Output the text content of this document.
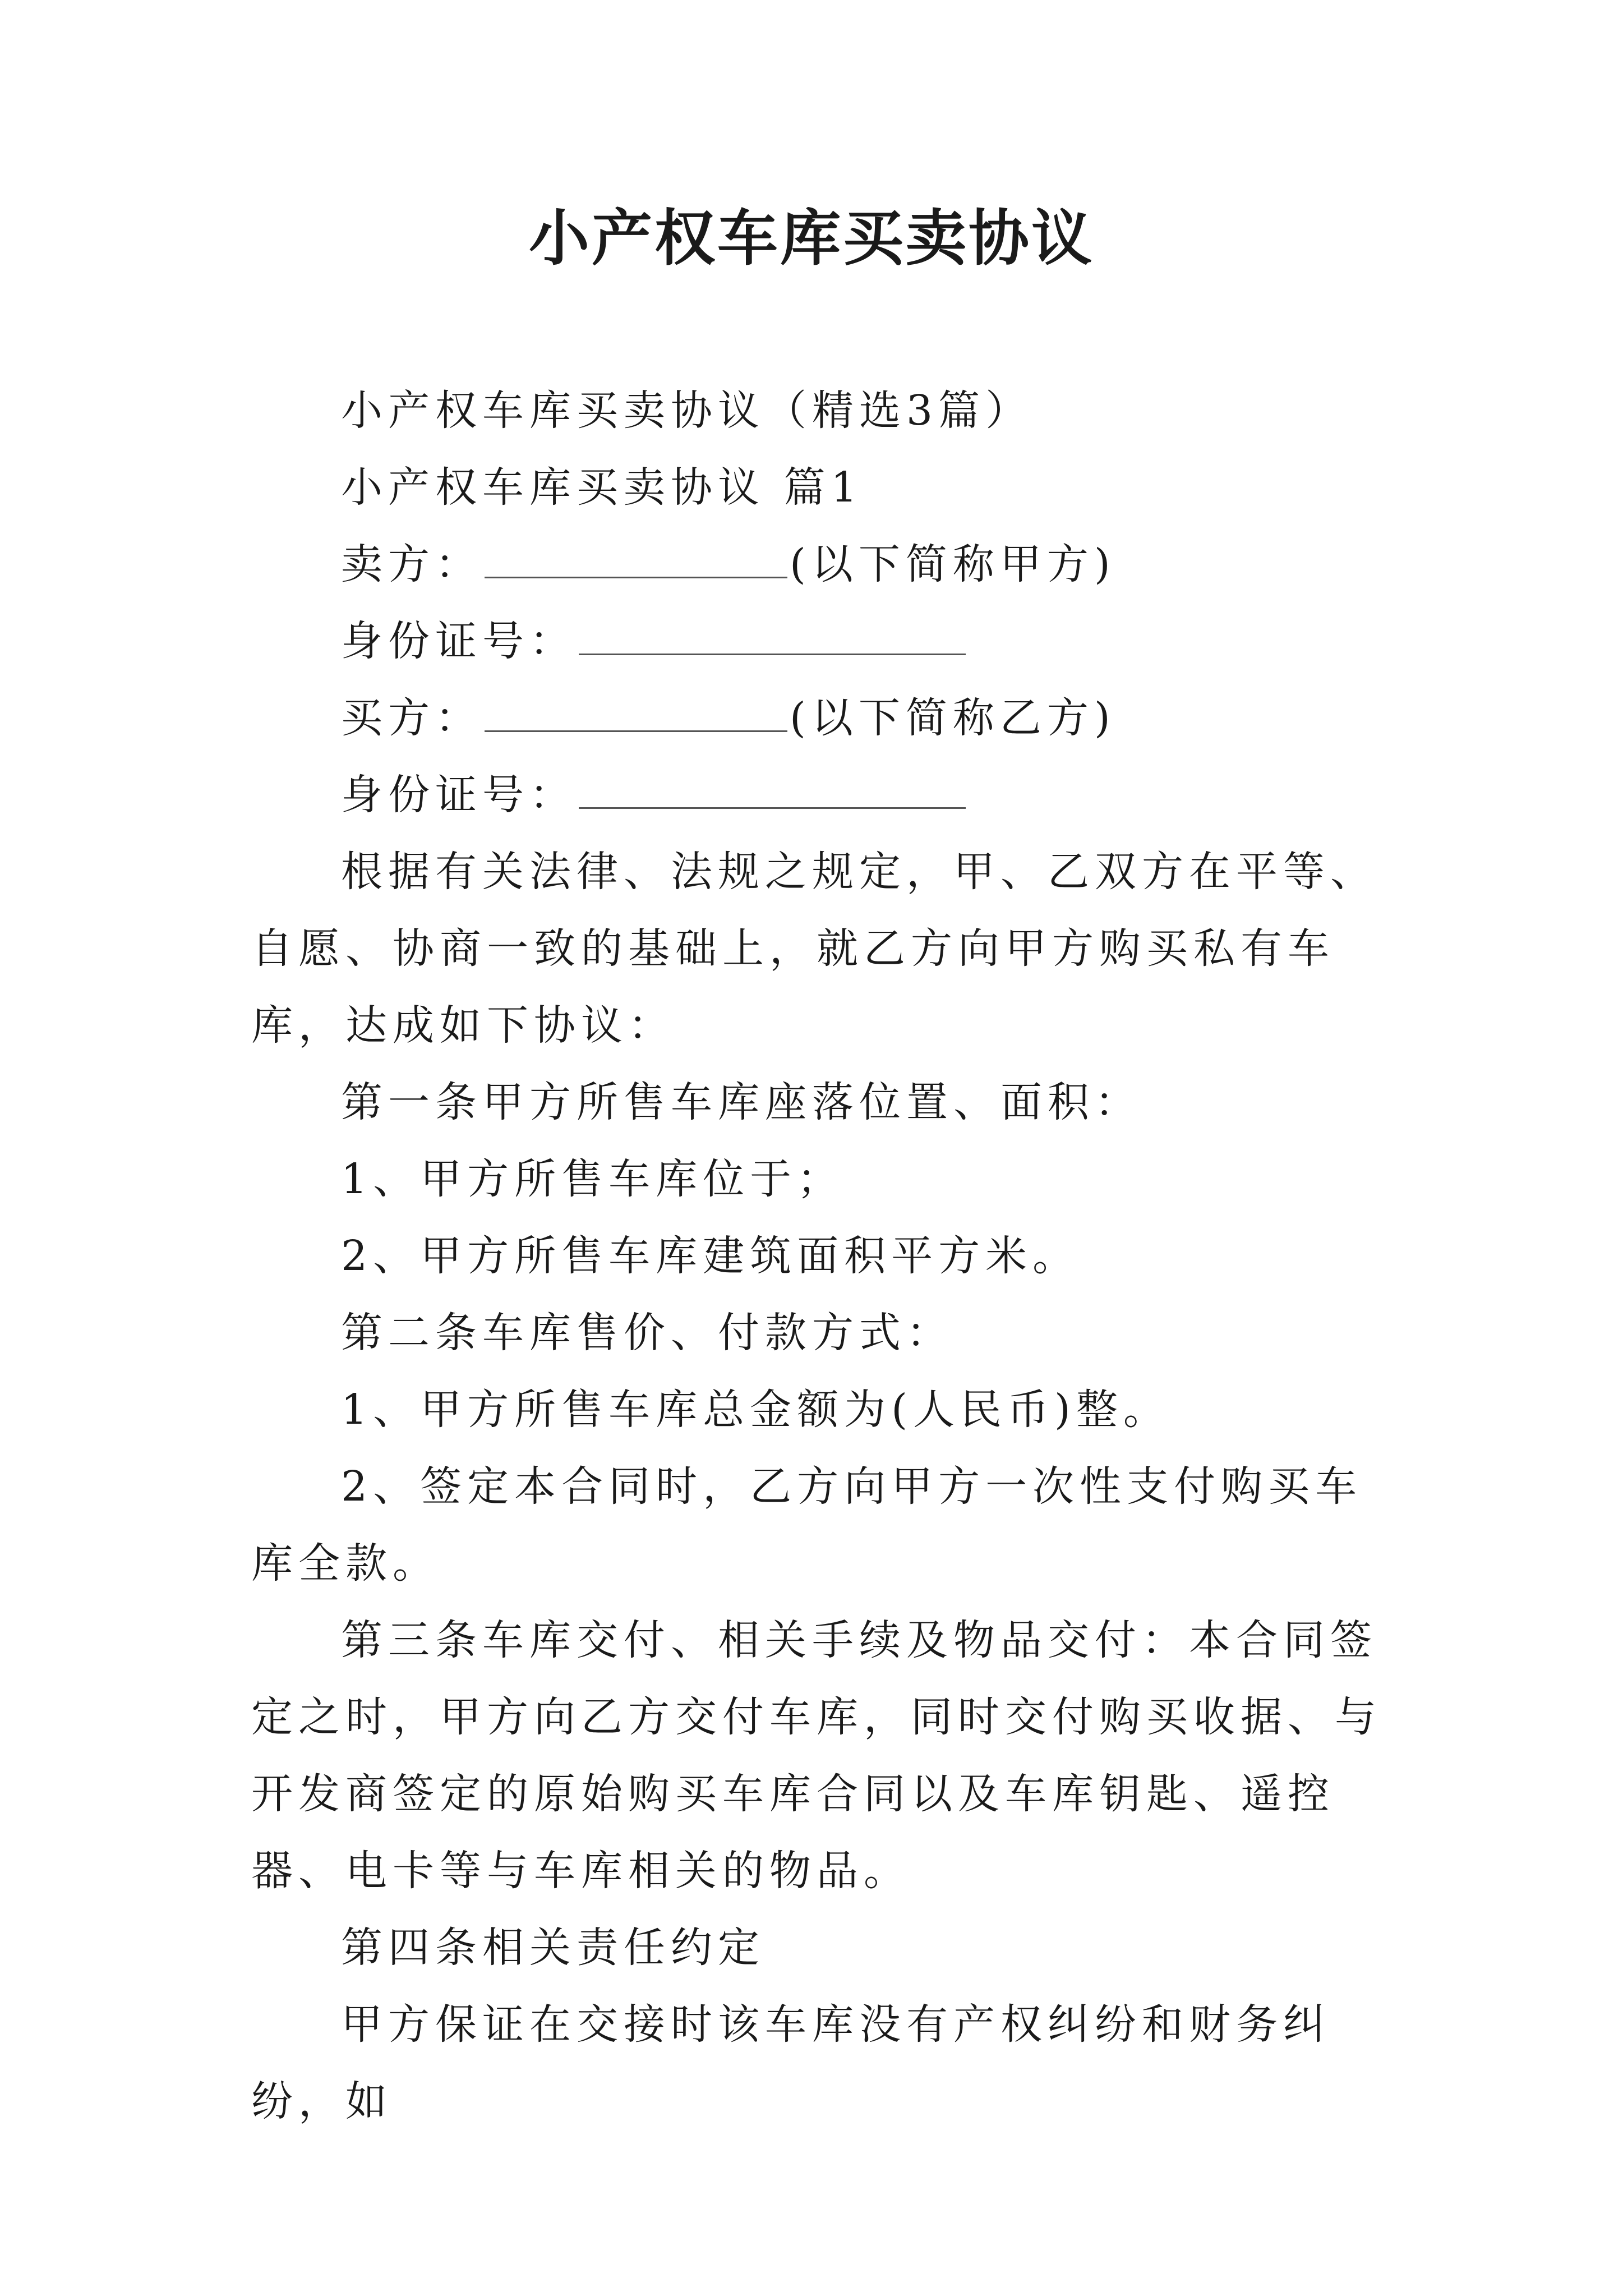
小产权车库买卖协议

小产权车库买卖协议（精选3篇）

小产权车库买卖协议 篇1

卖方：	(以下简称甲方)

身份证号：

买方：	(以下简称乙方)

身份证号：

根据有关法律、法规之规定，甲、乙双方在平等、自愿、协商一致的基础上，就乙方向甲方购买私有车库，达成如下协议：

第一条甲方所售车库座落位置、面积：

1、甲方所售车库位于；

2、甲方所售车库建筑面积平方米。

第二条车库售价、付款方式：

1、甲方所售车库总金额为(人民币)整。

2、签定本合同时，乙方向甲方一次性支付购买车库全款。

第三条车库交付、相关手续及物品交付：本合同签定之时，甲方向乙方交付车库，同时交付购买收据、与开发商签定的原始购买车库合同以及车库钥匙、遥控器、电卡等与车库相关的物品。

第四条相关责任约定

甲方保证在交接时该车库没有产权纠纷和财务纠纷，如
